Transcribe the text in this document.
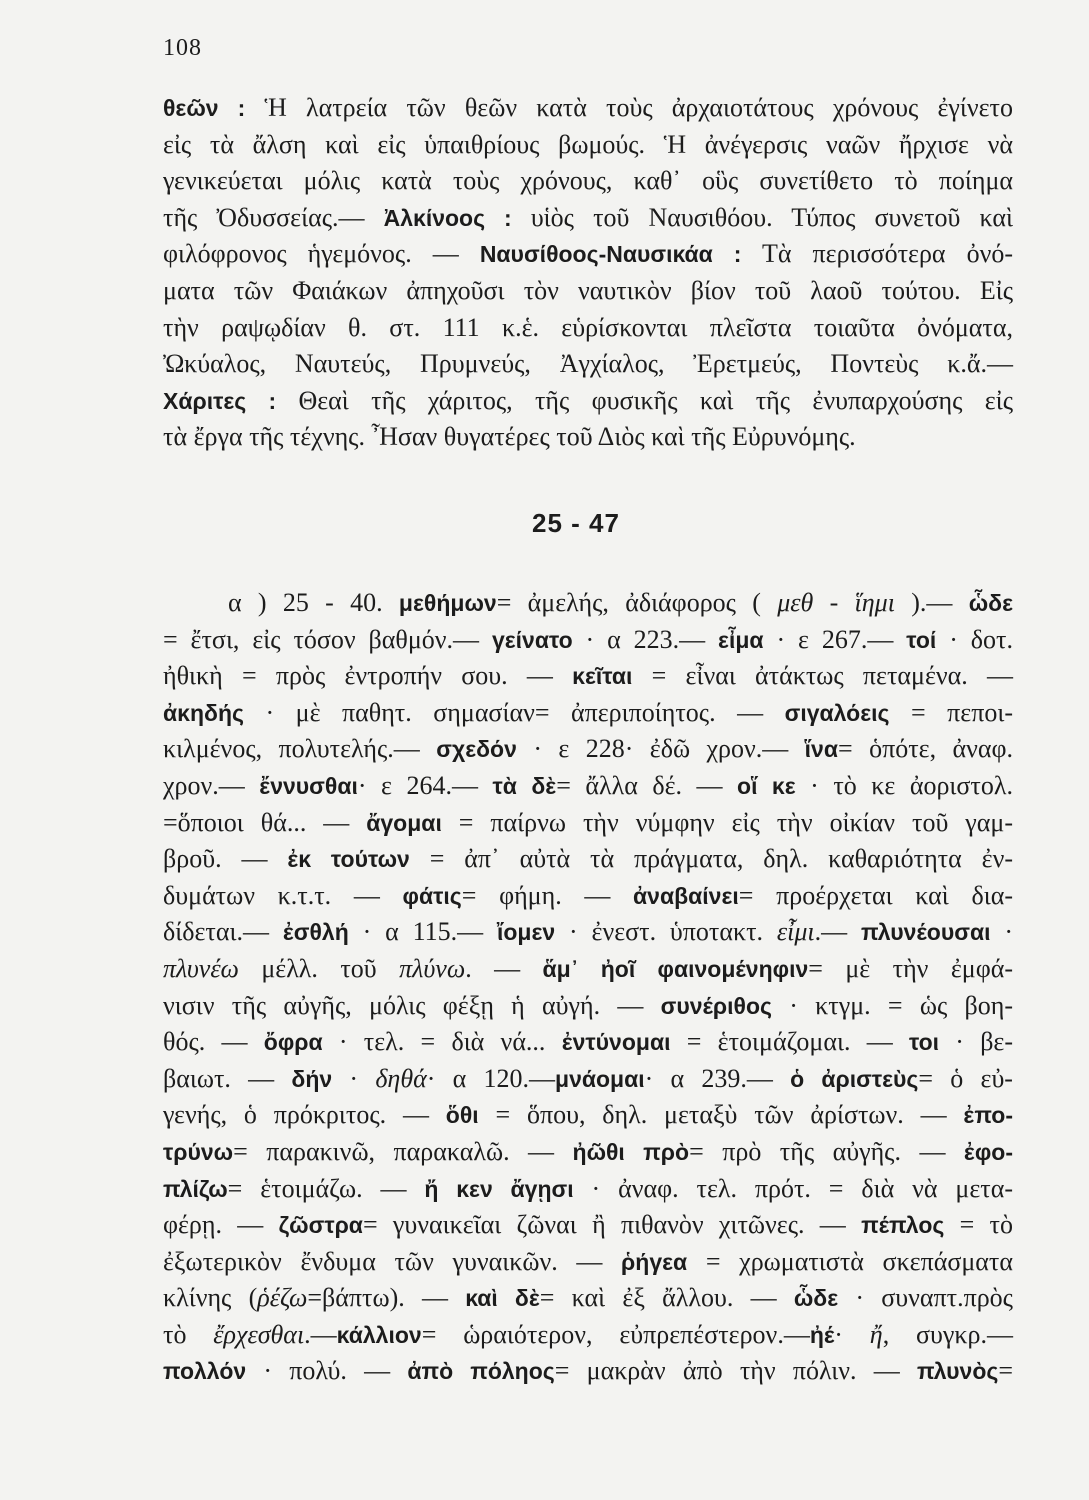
108
θεῶν : Ἡ λατρεία τῶν θεῶν κατὰ τοὺς ἀρχαιοτάτους χρόνους ἐγίνετο
εἰς τὰ ἄλση καὶ εἰς ὑπαιθρίους βωμούς. Ἡ ἀνέγερσις ναῶν ἤρχισε νὰ
γενικεύεται μόλις κατὰ τοὺς χρόνους, καθ᾽ οὓς συνετίθετο τὸ ποίημα
τῆς Ὀδυσσείας.— Ἀλκίνοος : υἱὸς τοῦ Ναυσιθόου. Τύπος συνετοῦ καὶ
φιλόφρονος ἡγεμόνος. — Ναυσίθοος-Ναυσικάα : Τὰ περισσότερα ὀνό-
ματα τῶν Φαιάκων ἀπηχοῦσι τὸν ναυτικὸν βίον τοῦ λαοῦ τούτου. Εἰς
τὴν ραψῳδίαν θ. στ. 111 κ.ἑ. εὑρίσκονται πλεῖστα τοιαῦτα ὀνόματα,
Ὠκύαλος, Ναυτεύς, Πρυμνεύς, Ἀγχίαλος, Ἐρετμεύς, Ποντεὺς κ.ἄ.—
Χάριτες : Θεαὶ τῆς χάριτος, τῆς φυσικῆς καὶ τῆς ἐνυπαρχούσης εἰς
τὰ ἔργα τῆς τέχνης. Ἦσαν θυγατέρες τοῦ Διὸς καὶ τῆς Εὐρυνόμης.
25 - 47
α ) 25 - 40. μεθήμων= ἀμελής, ἀδιάφορος ( μεθ - ἵημι ).— ὧδε
= ἔτσι, εἰς τόσον βαθμόν.— γείνατο · α 223.— εἶμα · ε 267.— τοί · δοτ.
ἠθικὴ = πρὸς ἐντροπήν σου. — κεῖται = εἶναι ἀτάκτως πεταμένα. —
ἀκηδής · μὲ παθητ. σημασίαν= ἀπεριποίητος. — σιγαλόεις = πεποι-
κιλμένος, πολυτελής.— σχεδόν · ε 228· ἐδῶ χρον.— ἵνα= ὁπότε, ἀναφ.
χρον.— ἔννυσθαι· ε 264.— τὰ δὲ= ἄλλα δέ. — οἵ κε · τὸ κε ἀοριστολ.
=ὅποιοι θά... — ἄγομαι = παίρνω τὴν νύμφην εἰς τὴν οἰκίαν τοῦ γαμ-
βροῦ. — ἐκ τούτων = ἀπ᾽ αὐτὰ τὰ πράγματα, δηλ. καθαριότητα ἐν-
δυμάτων κ.τ.τ. — φάτις= φήμη. — ἀναβαίνει= προέρχεται καὶ δια-
δίδεται.— ἐσθλή · α 115.— ἴομεν · ἐνεστ. ὑποτακτ. εἶμι.— πλυνέουσαι ·
πλυνέω μέλλ. τοῦ πλύνω. — ἅμ᾽ ἠοῖ φαινομένηφιν= μὲ τὴν ἐμφά-
νισιν τῆς αὐγῆς, μόλις φέξῃ ἡ αὐγή. — συνέριθος · κτγμ. = ὡς βοη-
θός. — ὄφρα · τελ. = διὰ νά... ἐντύνομαι = ἑτοιμάζομαι. — τοι · βε-
βαιωτ. — δήν · δηθά· α 120.—μνάομαι· α 239.— ὁ ἀριστεὺς= ὁ εὐ-
γενής, ὁ πρόκριτος. — ὅθι = ὅπου, δηλ. μεταξὺ τῶν ἀρίστων. — ἐπο-
τρύνω= παρακινῶ, παρακαλῶ. — ἠῶθι πρὸ= πρὸ τῆς αὐγῆς. — ἐφο-
πλίζω= ἑτοιμάζω. — ἤ κεν ἄγῃσι · ἀναφ. τελ. πρότ. = διὰ νὰ μετα-
φέρῃ. — ζῶστρα= γυναικεῖαι ζῶναι ἢ πιθανὸν χιτῶνες. — πέπλος = τὸ
ἐξωτερικὸν ἔνδυμα τῶν γυναικῶν. — ῥήγεα = χρωματιστὰ σκεπάσματα
κλίνης (ῥέζω=βάπτω). — καὶ δὲ= καὶ ἐξ ἄλλου. — ὧδε · συναπτ.πρὸς
τὸ ἔρχεσθαι.—κάλλιον= ὡραιότερον, εὐπρεπέστερον.—ἠέ· ἤ, συγκρ.—
πολλόν · πολύ. — ἀπὸ πόληος= μακρὰν ἀπὸ τὴν πόλιν. — πλυνὸς=
